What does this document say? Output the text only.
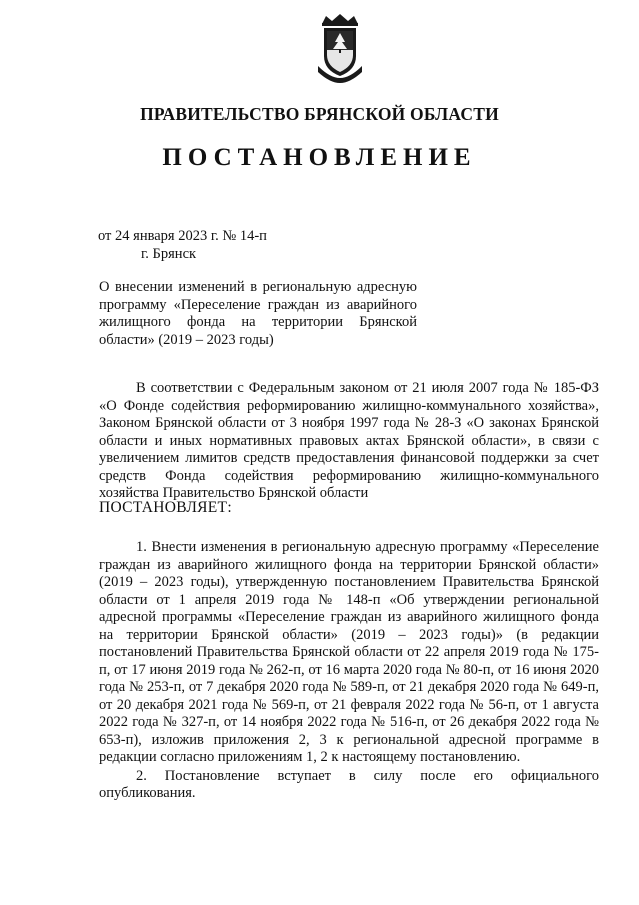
ПРАВИТЕЛЬСТВО БРЯНСКОЙ ОБЛАСТИ
ПОСТАНОВЛЕНИЕ
от 24 января 2023 г. № 14-п
г. Брянск
О внесении изменений в региональную адресную программу «Переселение граждан из аварийного жилищного фонда на территории Брянской области» (2019 – 2023 годы)

В соответствии с Федеральным законом от 21 июля 2007 года № 185-ФЗ «О Фонде содействия реформированию жилищно-коммунального хозяйства», Законом Брянской области от 3 ноября 1997 года № 28-З «О законах Брянской области и иных нормативных правовых актах Брянской области», в связи с увеличением лимитов средств предоставления финансовой поддержки за счет средств Фонда содействия реформированию жилищно-коммунального хозяйства Правительство Брянской области

ПОСТАНОВЛЯЕТ:

1. Внести изменения в региональную адресную программу «Переселение граждан из аварийного жилищного фонда на территории Брянской области» (2019 – 2023 годы), утвержденную постановлением Правительства Брянской области от 1 апреля 2019 года № 148-п «Об утверждении региональной адресной программы «Переселение граждан из аварийного жилищного фонда на территории Брянской области» (2019 – 2023 годы)» (в редакции постановлений Правительства Брянской области от 22 апреля 2019 года № 175-п, от 17 июня 2019 года № 262-п, от 16 марта 2020 года № 80-п, от 16 июня 2020 года № 253-п, от 7 декабря 2020 года № 589-п, от 21 декабря 2020 года № 649-п, от 20 декабря 2021 года № 569-п, от 21 февраля 2022 года № 56-п, от 1 августа 2022 года № 327-п, от 14 ноября 2022 года № 516-п, от 26 декабря 2022 года № 653-п), изложив приложения 2, 3 к региональной адресной программе в редакции согласно приложениям 1, 2 к настоящему постановлению.

2. Постановление вступает в силу после его официального опубликования.
